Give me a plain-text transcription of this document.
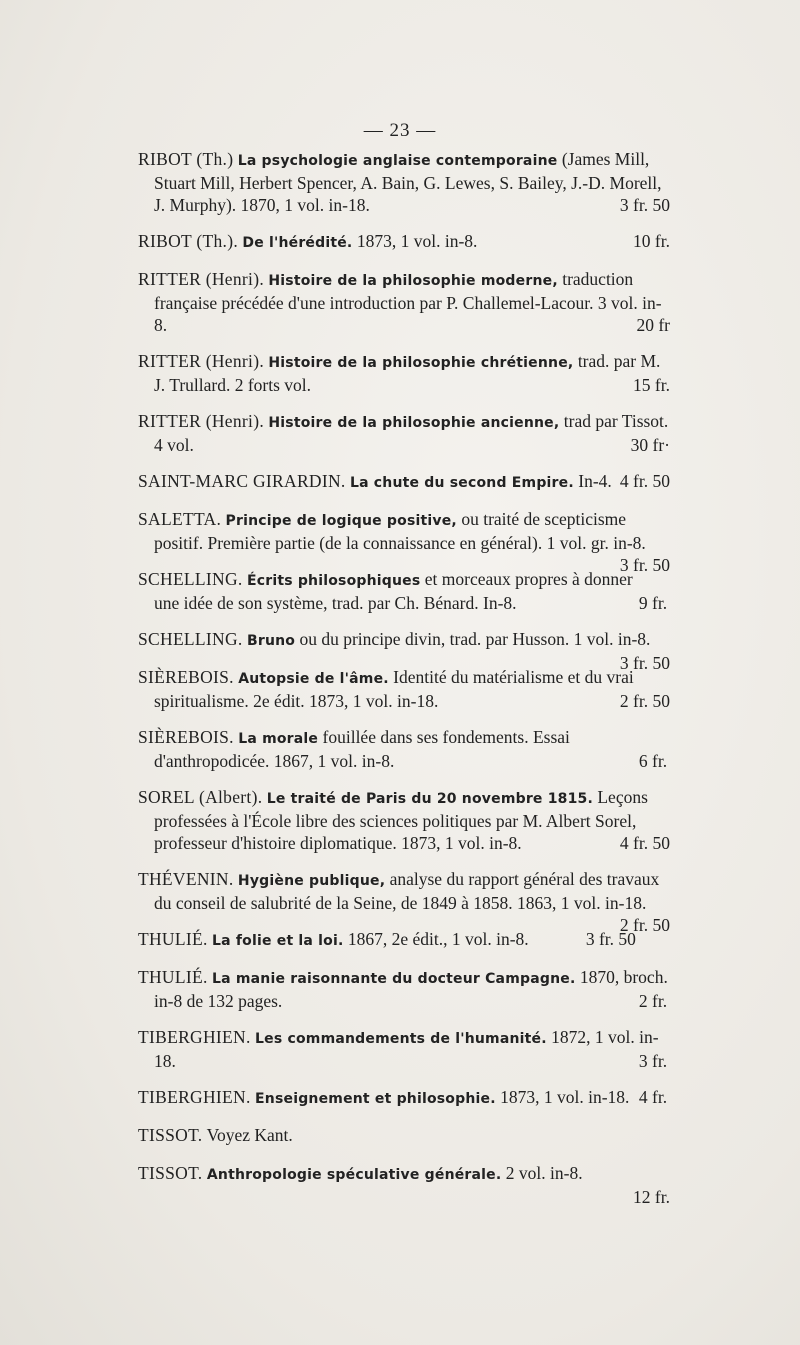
— 23 —
RIBOT (Th.) La psychologie anglaise contemporaine (James Mill, Stuart Mill, Herbert Spencer, A. Bain, G. Lewes, S. Bailey, J.-D. Morell, J. Murphy). 1870, 1 vol. in-18.	3 fr. 50
RIBOT (Th.). De l'hérédité. 1873, 1 vol. in-8.	10 fr.
RITTER (Henri). Histoire de la philosophie moderne, traduction française précédée d'une introduction par P. Challemel-Lacour. 3 vol. in-8.	20 fr
RITTER (Henri). Histoire de la philosophie chrétienne, trad. par M. J. Trullard. 2 forts vol.	15 fr.
RITTER (Henri). Histoire de la philosophie ancienne, trad par Tissot. 4 vol.	30 fr·
SAINT-MARC GIRARDIN. La chute du second Empire. In-4. 4 fr. 50
SALETTA. Principe de logique positive, ou traité de scepticisme positif. Première partie (de la connaissance en général). 1 vol. gr. in-8.
3 fr. 50
SCHELLING. Écrits philosophiques et morceaux propres à donner une idée de son système, trad. par Ch. Bénard. In-8.	9 fr.
SCHELLING. Bruno ou du principe divin, trad. par Husson. 1 vol. in-8.
3 fr. 50
SIÈREBOIS. Autopsie de l'âme. Identité du matérialisme et du vrai spiritualisme. 2e édit. 1873, 1 vol. in-18.	2 fr. 50
SIÈREBOIS. La morale fouillée dans ses fondements. Essai d'anthropodicée. 1867, 1 vol. in-8.	6 fr.
SOREL (Albert). Le traité de Paris du 20 novembre 1815. Leçons professées à l'École libre des sciences politiques par M. Albert Sorel, professeur d'histoire diplomatique. 1873, 1 vol. in-8.	4 fr. 50
THÉVENIN. Hygiène publique, analyse du rapport général des travaux du conseil de salubrité de la Seine, de 1849 à 1858. 1863, 1 vol. in-18.
2 fr. 50
THULIÉ. La folie et la loi. 1867, 2e édit., 1 vol. in-8.	3 fr. 50
THULIÉ. La manie raisonnante du docteur Campagne. 1870, broch. in-8 de 132 pages.	2 fr.
TIBERGHIEN. Les commandements de l'humanité. 1872, 1 vol. in-18.	3 fr.
TIBERGHIEN. Enseignement et philosophie. 1873, 1 vol. in-18. 4 fr.
TISSOT. Voyez Kant.
TISSOT. Anthropologie spéculative générale. 2 vol. in-8.
12 fr.
